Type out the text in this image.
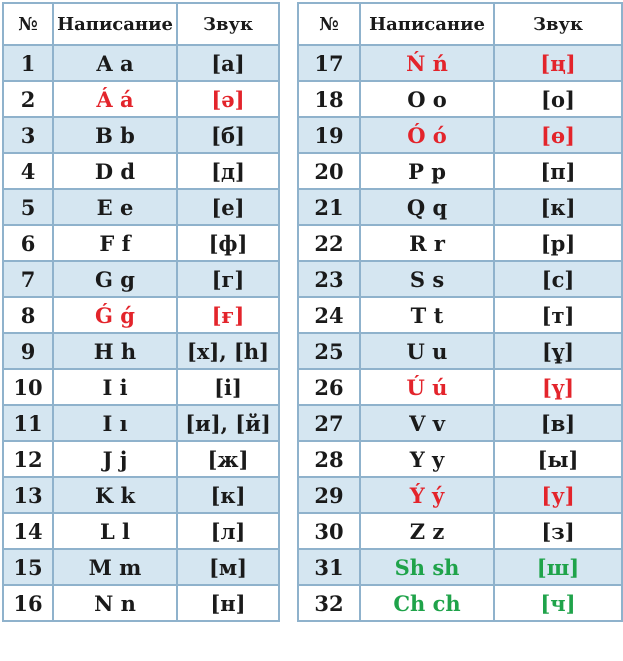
№	Написание	Звук
1	A a	[а]
2	Á á	[ә]
3	B b	[б]
4	D d	[д]
5	E e	[е]
6	F f	[ф]
7	G g	[г]
8	Ǵ ǵ	[ғ]
9	H h	[х], [h]
10	I i	[і]
11	I ı	[и], [й]
12	J j	[ж]
13	K k	[к]
14	L l	[л]
15	M m	[м]
16	N n	[н]
№	Написание	Звук
17	Ń ń	[ң]
18	O o	[о]
19	Ó ó	[ө]
20	P p	[п]
21	Q q	[к]
22	R r	[р]
23	S s	[с]
24	T t	[т]
25	U u	[ұ]
26	Ú ú	[ү]
27	V v	[в]
28	Y y	[ы]
29	Ý ý	[у]
30	Z z	[з]
31	Sh sh	[ш]
32	Ch ch	[ч]
